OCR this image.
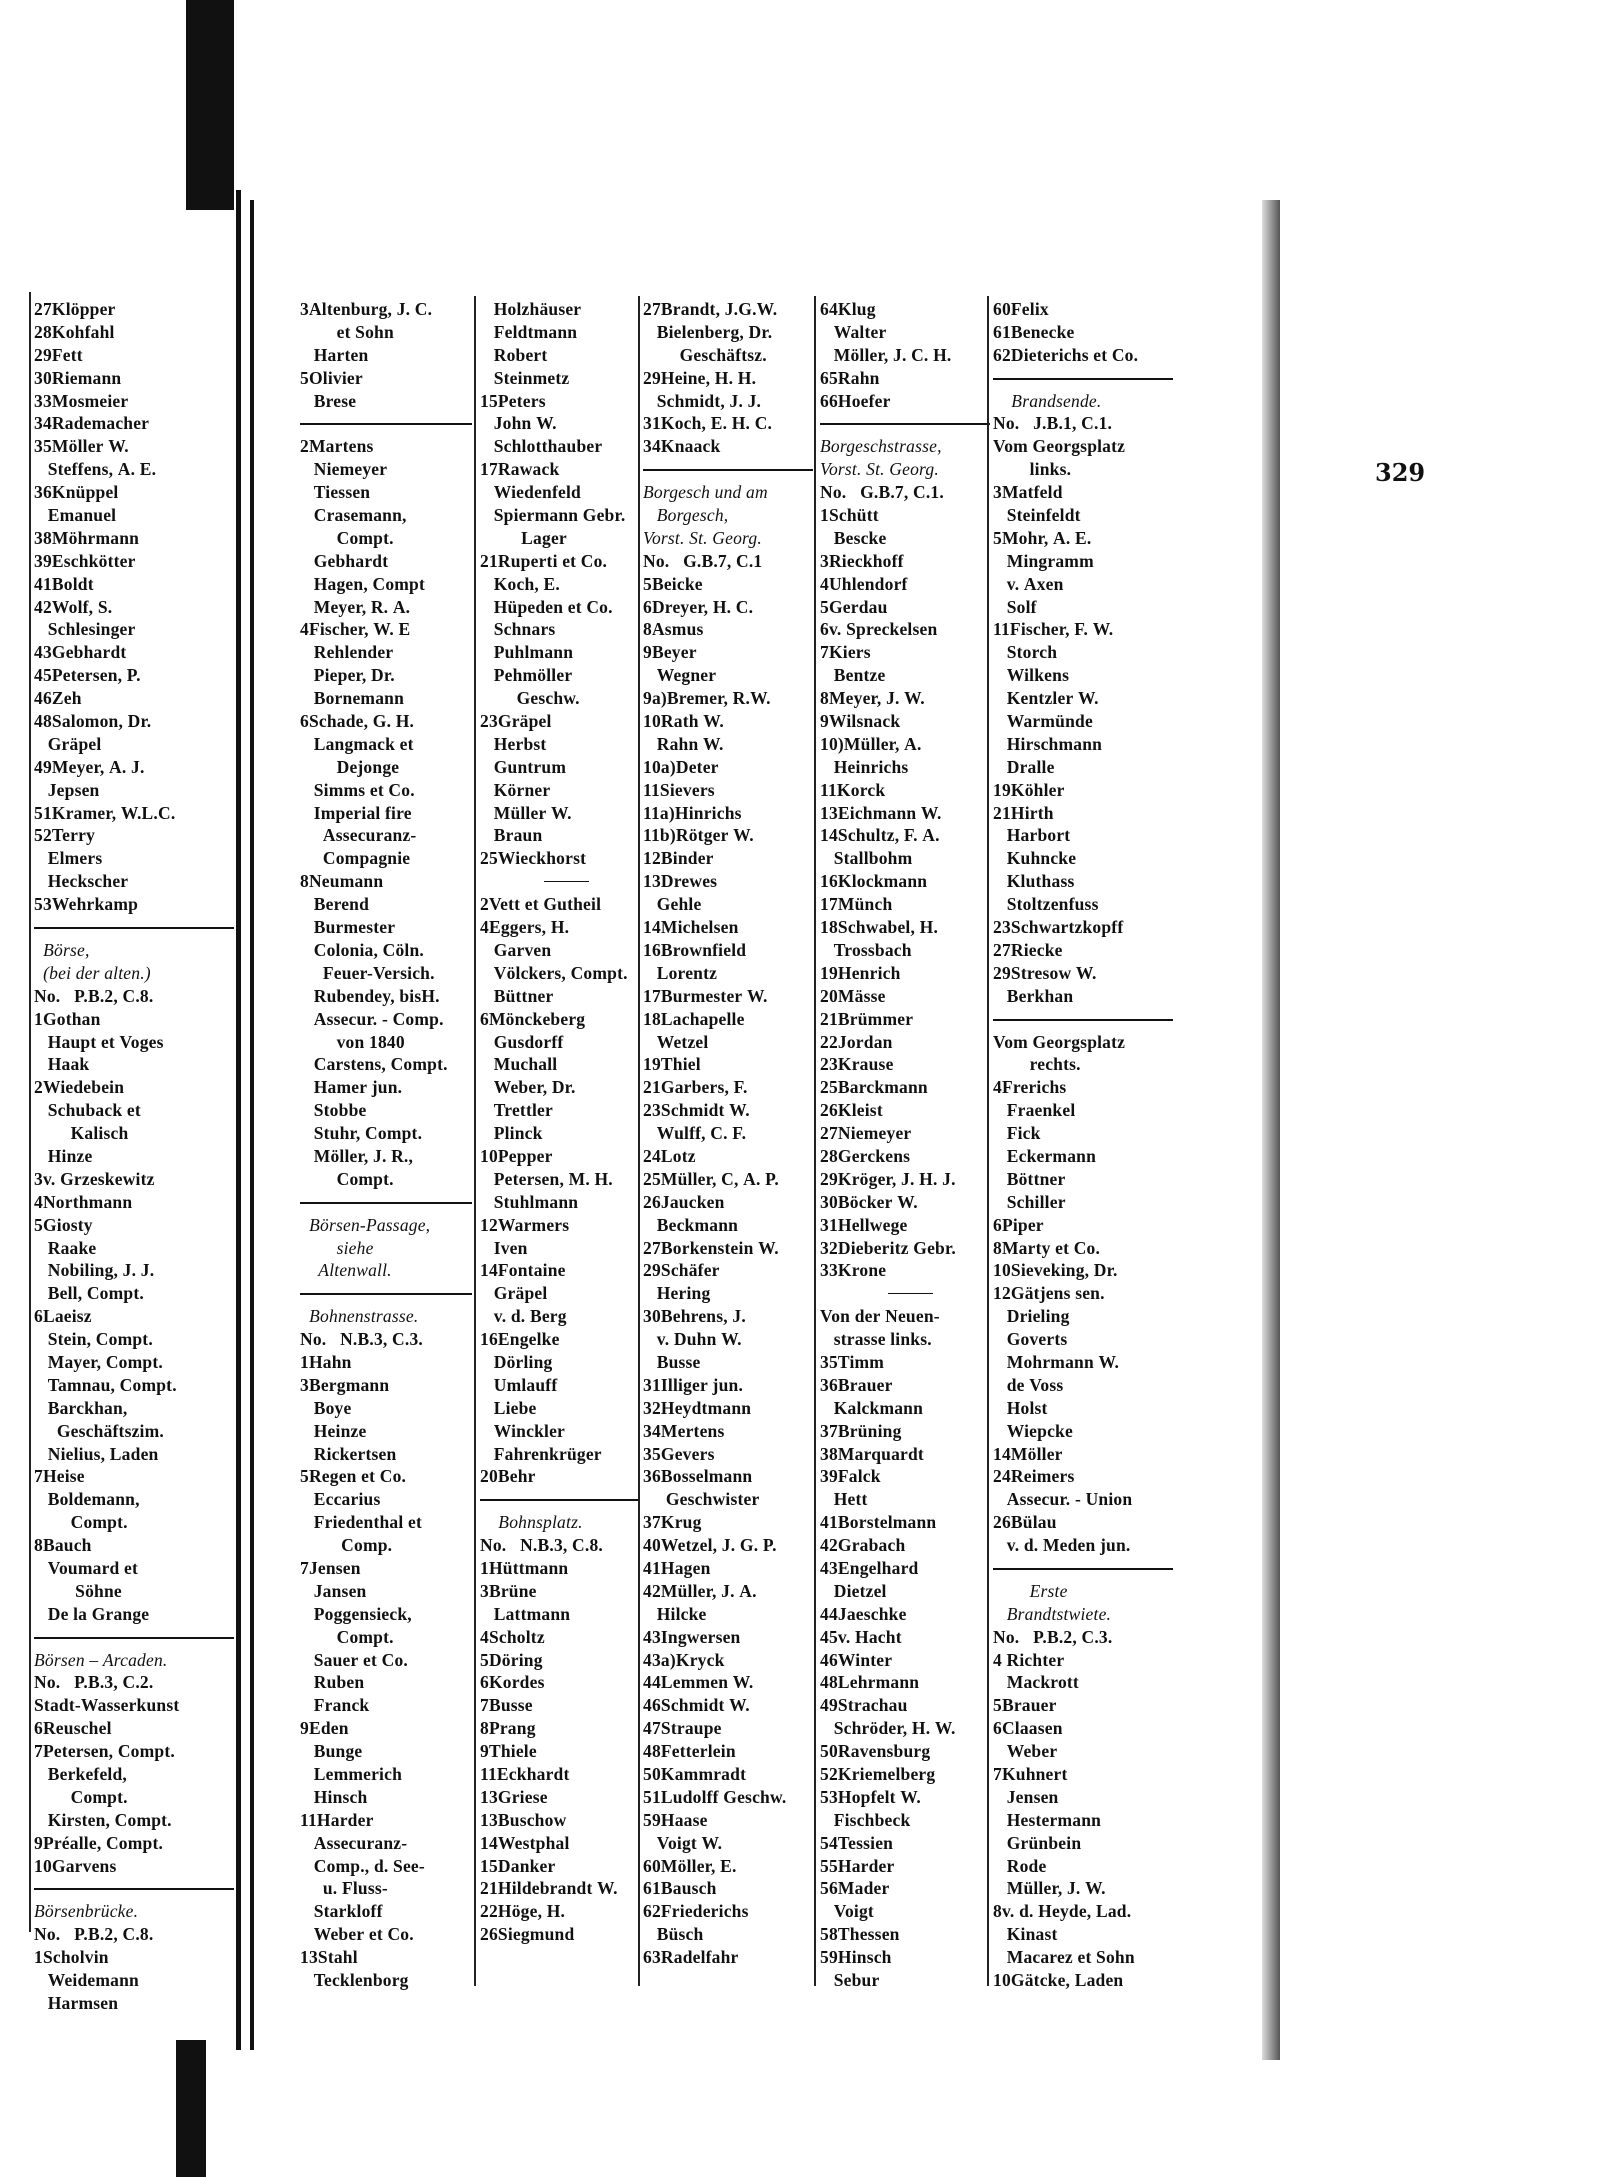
27Klöpper
28Kohfahl
29Fett
30Riemann
33Mosmeier
34Rademacher
35Möller W.
Steffens, A. E.
36Knüppel
Emanuel
38Möhrmann
39Eschkötter
41Boldt
42Wolf, S.
Schlesinger
43Gebhardt
45Petersen, P.
46Zeh
48Salomon, Dr.
Gräpel
49Meyer, A. J.
Jepsen
51Kramer, W.L.C.
52Terry
Elmers
Heckscher
53Wehrkamp
Börse,
(bei der alten.)
No.   P.B.2, C.8.
1Gothan
Haupt et Voges
Haak
2Wiedebein
Schuback et
Kalisch
Hinze
3v. Grzeskewitz
4Northmann
5Giosty
Raake
Nobiling, J. J.
Bell, Compt.
6Laeisz
Stein, Compt.
Mayer, Compt.
Tamnau, Compt.
Barckhan,
Geschäftszim.
Nielius, Laden
7Heise
Boldemann,
Compt.
8Bauch
Voumard et
Söhne
De la Grange
Börsen – Arcaden.
No.   P.B.3, C.2.
Stadt-Wasserkunst
6Reuschel
7Petersen, Compt.
Berkefeld,
Compt.
Kirsten, Compt.
9Préalle, Compt.
10Garvens
Börsenbrücke.
No.   P.B.2, C.8.
1Scholvin
Weidemann
Harmsen
329
3Altenburg, J. C.
et Sohn
Harten
5Olivier
Brese
2Martens
Niemeyer
Tiessen
Crasemann,
Compt.
Gebhardt
Hagen, Compt
Meyer, R. A.
4Fischer, W. E
Rehlender
Pieper, Dr.
Bornemann
6Schade, G. H.
Langmack et
Dejonge
Simms et Co.
Imperial fire
Assecuranz-
Compagnie
8Neumann
Berend
Burmester
Colonia, Cöln.
Feuer-Versich.
Rubendey, bisH.
Assecur. - Comp.
von 1840
Carstens, Compt.
Hamer jun.
Stobbe
Stuhr, Compt.
Möller, J. R.,
Compt.
Börsen-Passage,
siehe
Altenwall.
Bohnenstrasse.
No.   N.B.3, C.3.
1Hahn
3Bergmann
Boye
Heinze
Rickertsen
5Regen et Co.
Eccarius
Friedenthal et
Comp.
7Jensen
Jansen
Poggensieck,
Compt.
Sauer et Co.
Ruben
Franck
9Eden
Bunge
Lemmerich
Hinsch
11Harder
Assecuranz-
Comp., d. See-
u. Fluss-
Starkloff
Weber et Co.
13Stahl
Tecklenborg
Holzhäuser
Feldtmann
Robert
Steinmetz
15Peters
John W.
Schlotthauber
17Rawack
Wiedenfeld
Spiermann Gebr.
Lager
21Ruperti et Co.
Koch, E.
Hüpeden et Co.
Schnars
Puhlmann
Pehmöller
Geschw.
23Gräpel
Herbst
Guntrum
Körner
Müller W.
Braun
25Wieckhorst
2Vett et Gutheil
4Eggers, H.
Garven
Völckers, Compt.
Büttner
6Mönckeberg
Gusdorff
Muchall
Weber, Dr.
Trettler
Plinck
10Pepper
Petersen, M. H.
Stuhlmann
12Warmers
Iven
14Fontaine
Gräpel
v. d. Berg
16Engelke
Dörling
Umlauff
Liebe
Winckler
Fahrenkrüger
20Behr
Bohnsplatz.
No.   N.B.3, C.8.
1Hüttmann
3Brüne
Lattmann
4Scholtz
5Döring
6Kordes
7Busse
8Prang
9Thiele
11Eckhardt
13Griese
13Buschow
14Westphal
15Danker
21Hildebrandt W.
22Höge, H.
26Siegmund
27Brandt, J.G.W.
Bielenberg, Dr.
Geschäftsz.
29Heine, H. H.
Schmidt, J. J.
31Koch, E. H. C.
34Knaack
Borgesch und am
Borgesch,
Vorst. St. Georg.
No.   G.B.7, C.1
5Beicke
6Dreyer, H. C.
8Asmus
9Beyer
Wegner
9a)Bremer, R.W.
10Rath W.
Rahn W.
10a)Deter
11Sievers
11a)Hinrichs
11b)Rötger W.
12Binder
13Drewes
Gehle
14Michelsen
16Brownfield
Lorentz
17Burmester W.
18Lachapelle
Wetzel
19Thiel
21Garbers, F.
23Schmidt W.
Wulff, C. F.
24Lotz
25Müller, C, A. P.
26Jaucken
Beckmann
27Borkenstein W.
29Schäfer
Hering
30Behrens, J.
v. Duhn W.
Busse
31Illiger jun.
32Heydtmann
34Mertens
35Gevers
36Bosselmann
Geschwister
37Krug
40Wetzel, J. G. P.
41Hagen
42Müller, J. A.
Hilcke
43Ingwersen
43a)Kryck
44Lemmen W.
46Schmidt W.
47Straupe
48Fetterlein
50Kammradt
51Ludolff Geschw.
59Haase
Voigt W.
60Möller, E.
61Bausch
62Friederichs
Büsch
63Radelfahr
64Klug
Walter
Möller, J. C. H.
65Rahn
66Hoefer
Borgeschstrasse,
Vorst. St. Georg.
No.   G.B.7, C.1.
1Schütt
Bescke
3Rieckhoff
4Uhlendorf
5Gerdau
6v. Spreckelsen
7Kiers
Bentze
8Meyer, J. W.
9Wilsnack
10)Müller, A.
Heinrichs
11Korck
13Eichmann W.
14Schultz, F. A.
Stallbohm
16Klockmann
17Münch
18Schwabel, H.
Trossbach
19Henrich
20Mässe
21Brümmer
22Jordan
23Krause
25Barckmann
26Kleist
27Niemeyer
28Gerckens
29Kröger, J. H. J.
30Böcker W.
31Hellwege
32Dieberitz Gebr.
33Krone
Von der Neuen-
strasse links.
35Timm
36Brauer
Kalckmann
37Brüning
38Marquardt
39Falck
Hett
41Borstelmann
42Grabach
43Engelhard
Dietzel
44Jaeschke
45v. Hacht
46Winter
48Lehrmann
49Strachau
Schröder, H. W.
50Ravensburg
52Kriemelberg
53Hopfelt W.
Fischbeck
54Tessien
55Harder
56Mader
Voigt
58Thessen
59Hinsch
Sebur
60Felix
61Benecke
62Dieterichs et Co.
Brandsende.
No.   J.B.1, C.1.
Vom Georgsplatz
links.
3Matfeld
Steinfeldt
5Mohr, A. E.
Mingramm
v. Axen
Solf
11Fischer, F. W.
Storch
Wilkens
Kentzler W.
Warmünde
Hirschmann
Dralle
19Köhler
21Hirth
Harbort
Kuhncke
Kluthass
Stoltzenfuss
23Schwartzkopff
27Riecke
29Stresow W.
Berkhan
Vom Georgsplatz
rechts.
4Frerichs
Fraenkel
Fick
Eckermann
Böttner
Schiller
6Piper
8Marty et Co.
10Sieveking, Dr.
12Gätjens sen.
Drieling
Goverts
Mohrmann W.
de Voss
Holst
Wiepcke
14Möller
24Reimers
Assecur. - Union
26Bülau
v. d. Meden jun.
Erste
Brandtstwiete.
No.   P.B.2, C.3.
4 Richter
Mackrott
5Brauer
6Claasen
Weber
7Kuhnert
Jensen
Hestermann
Grünbein
Rode
Müller, J. W.
8v. d. Heyde, Lad.
Kinast
Macarez et Sohn
10Gätcke, Laden
